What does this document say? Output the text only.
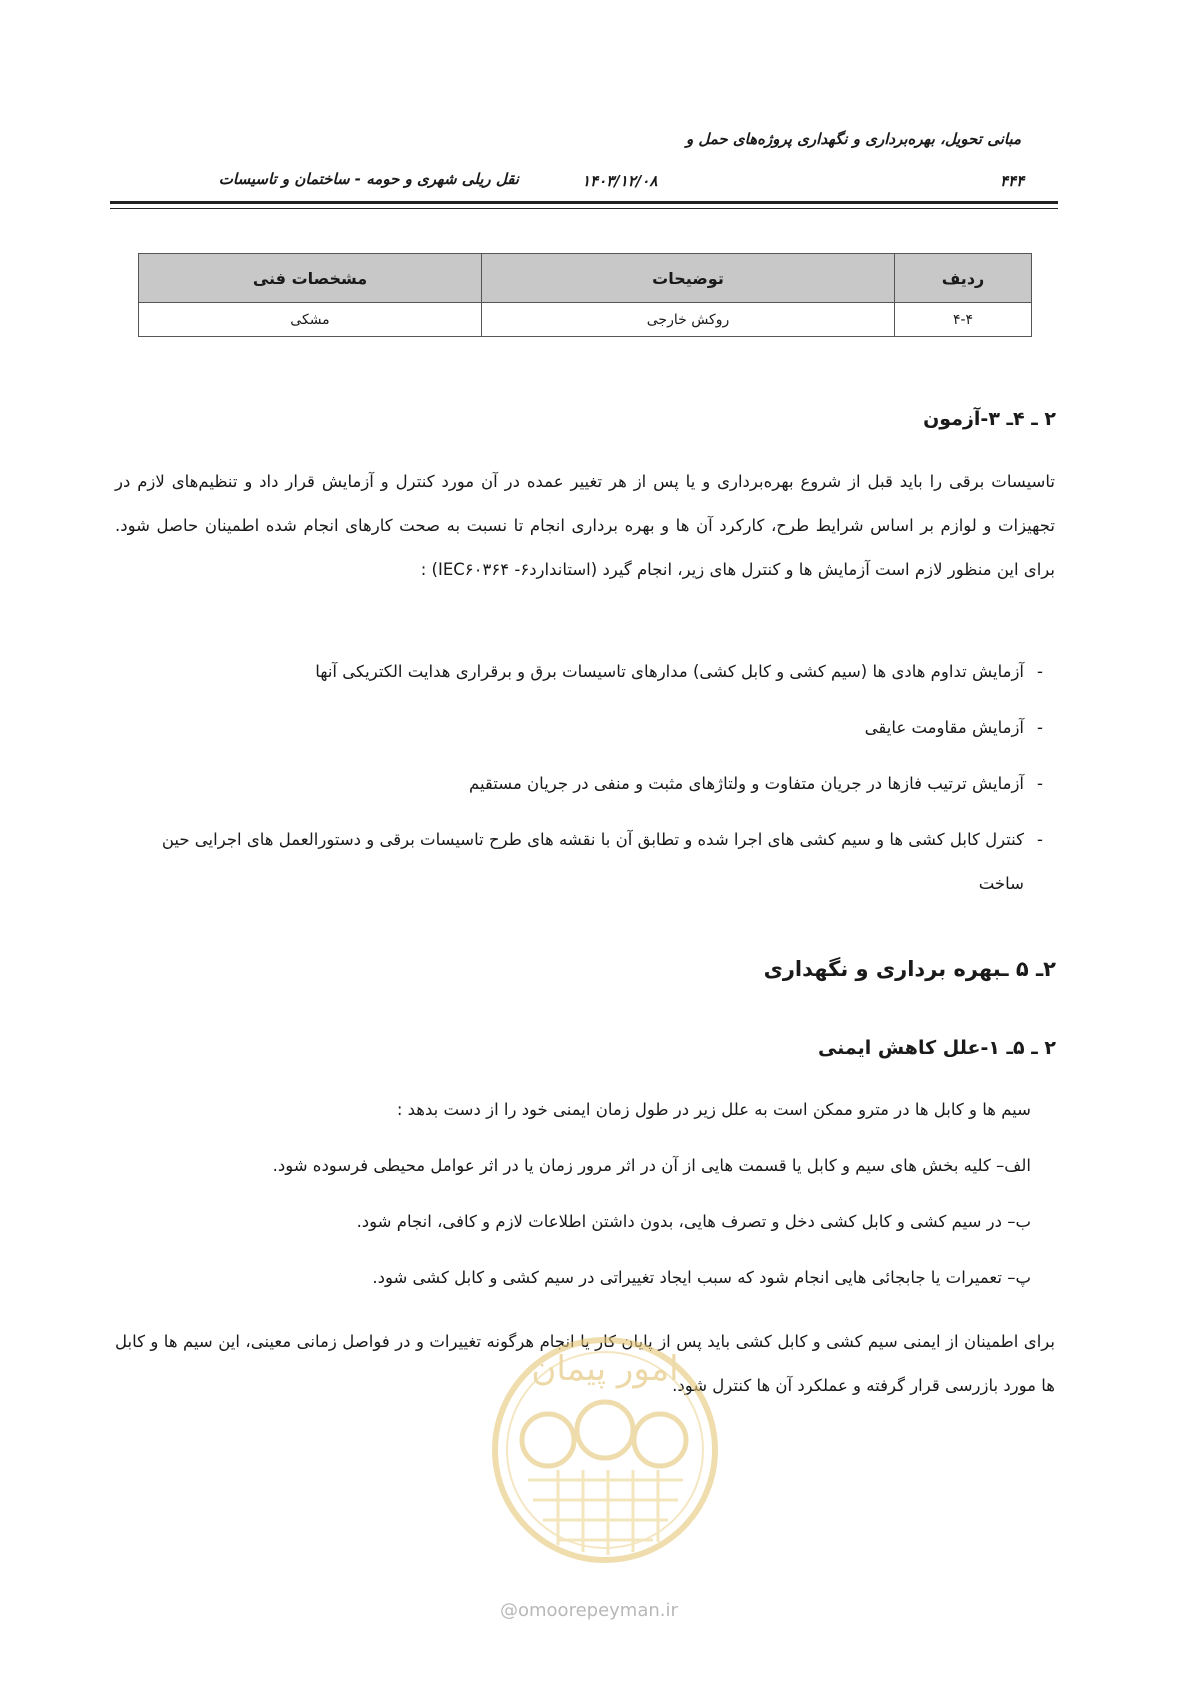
مبانی تحویل، بهره‌برداری و نگهداری پروژه‌های حمل و
نقل ریلی شهری و حومه - ساختمان و تاسیسات	۱۴۰۳/۱۲/۰۸	۴۴۴
ردیف	توضیحات	مشخصات فنی
۴-۴	روکش خارجی	مشکی
۲ ـ ۴ـ ۳-آزمون

تاسیسات برقی را باید قبل از شروع بهره‌برداری و یا پس از هر تغییر عمده در آن مورد کنترل و آزمایش قرار داد و تنظیم‌های لازم در تجهیزات و لوازم بر اساس شرایط طرح، کارکرد آن ها و بهره برداری انجام تا نسبت به صحت کارهای انجام شده اطمینان حاصل شود. برای این منظور لازم است آزمایش ها و کنترل های زیر، انجام گیرد (استاندارد۶- IEC۶۰۳۶۴) :

-آزمایش تداوم هادی ها (سیم کشی و کابل کشی) مدارهای تاسیسات برق و برقراری هدایت الکتریکی آنها
-آزمایش مقاومت عایقی
-آزمایش ترتیب فازها در جریان متفاوت و ولتاژهای مثبت و منفی در جریان مستقیم
-
کنترل کابل کشی ها و سیم کشی های اجرا شده و تطابق آن با نقشه های طرح تاسیسات برقی و دستورالعمل های اجرایی حین ساخت
۲ـ ۵ ـبهره برداری و نگهداری
۲ ـ ۵ـ ۱-علل کاهش ایمنی
سیم ها و کابل ها در مترو ممکن است به علل زیر در طول زمان ایمنی خود را از دست بدهد :
الف– کلیه بخش های سیم و کابل یا قسمت هایی از آن در اثر مرور زمان یا در اثر عوامل محیطی فرسوده شود.
ب– در سیم کشی و کابل کشی دخل و تصرف هایی، بدون داشتن اطلاعات لازم و کافی، انجام شود.
پ– تعمیرات یا جابجائی هایی انجام شود که سبب ایجاد تغییراتی در سیم کشی و کابل کشی شود.

برای اطمینان از ایمنی سیم کشی و کابل کشی باید پس از پایان کار یا انجام هرگونه تغییرات و در فواصل زمانی معینی، این سیم ها و کابل ها مورد بازرسی قرار گرفته و عملکرد آن ها کنترل شود.

امور پیمان
@omoorepeyman.ir
